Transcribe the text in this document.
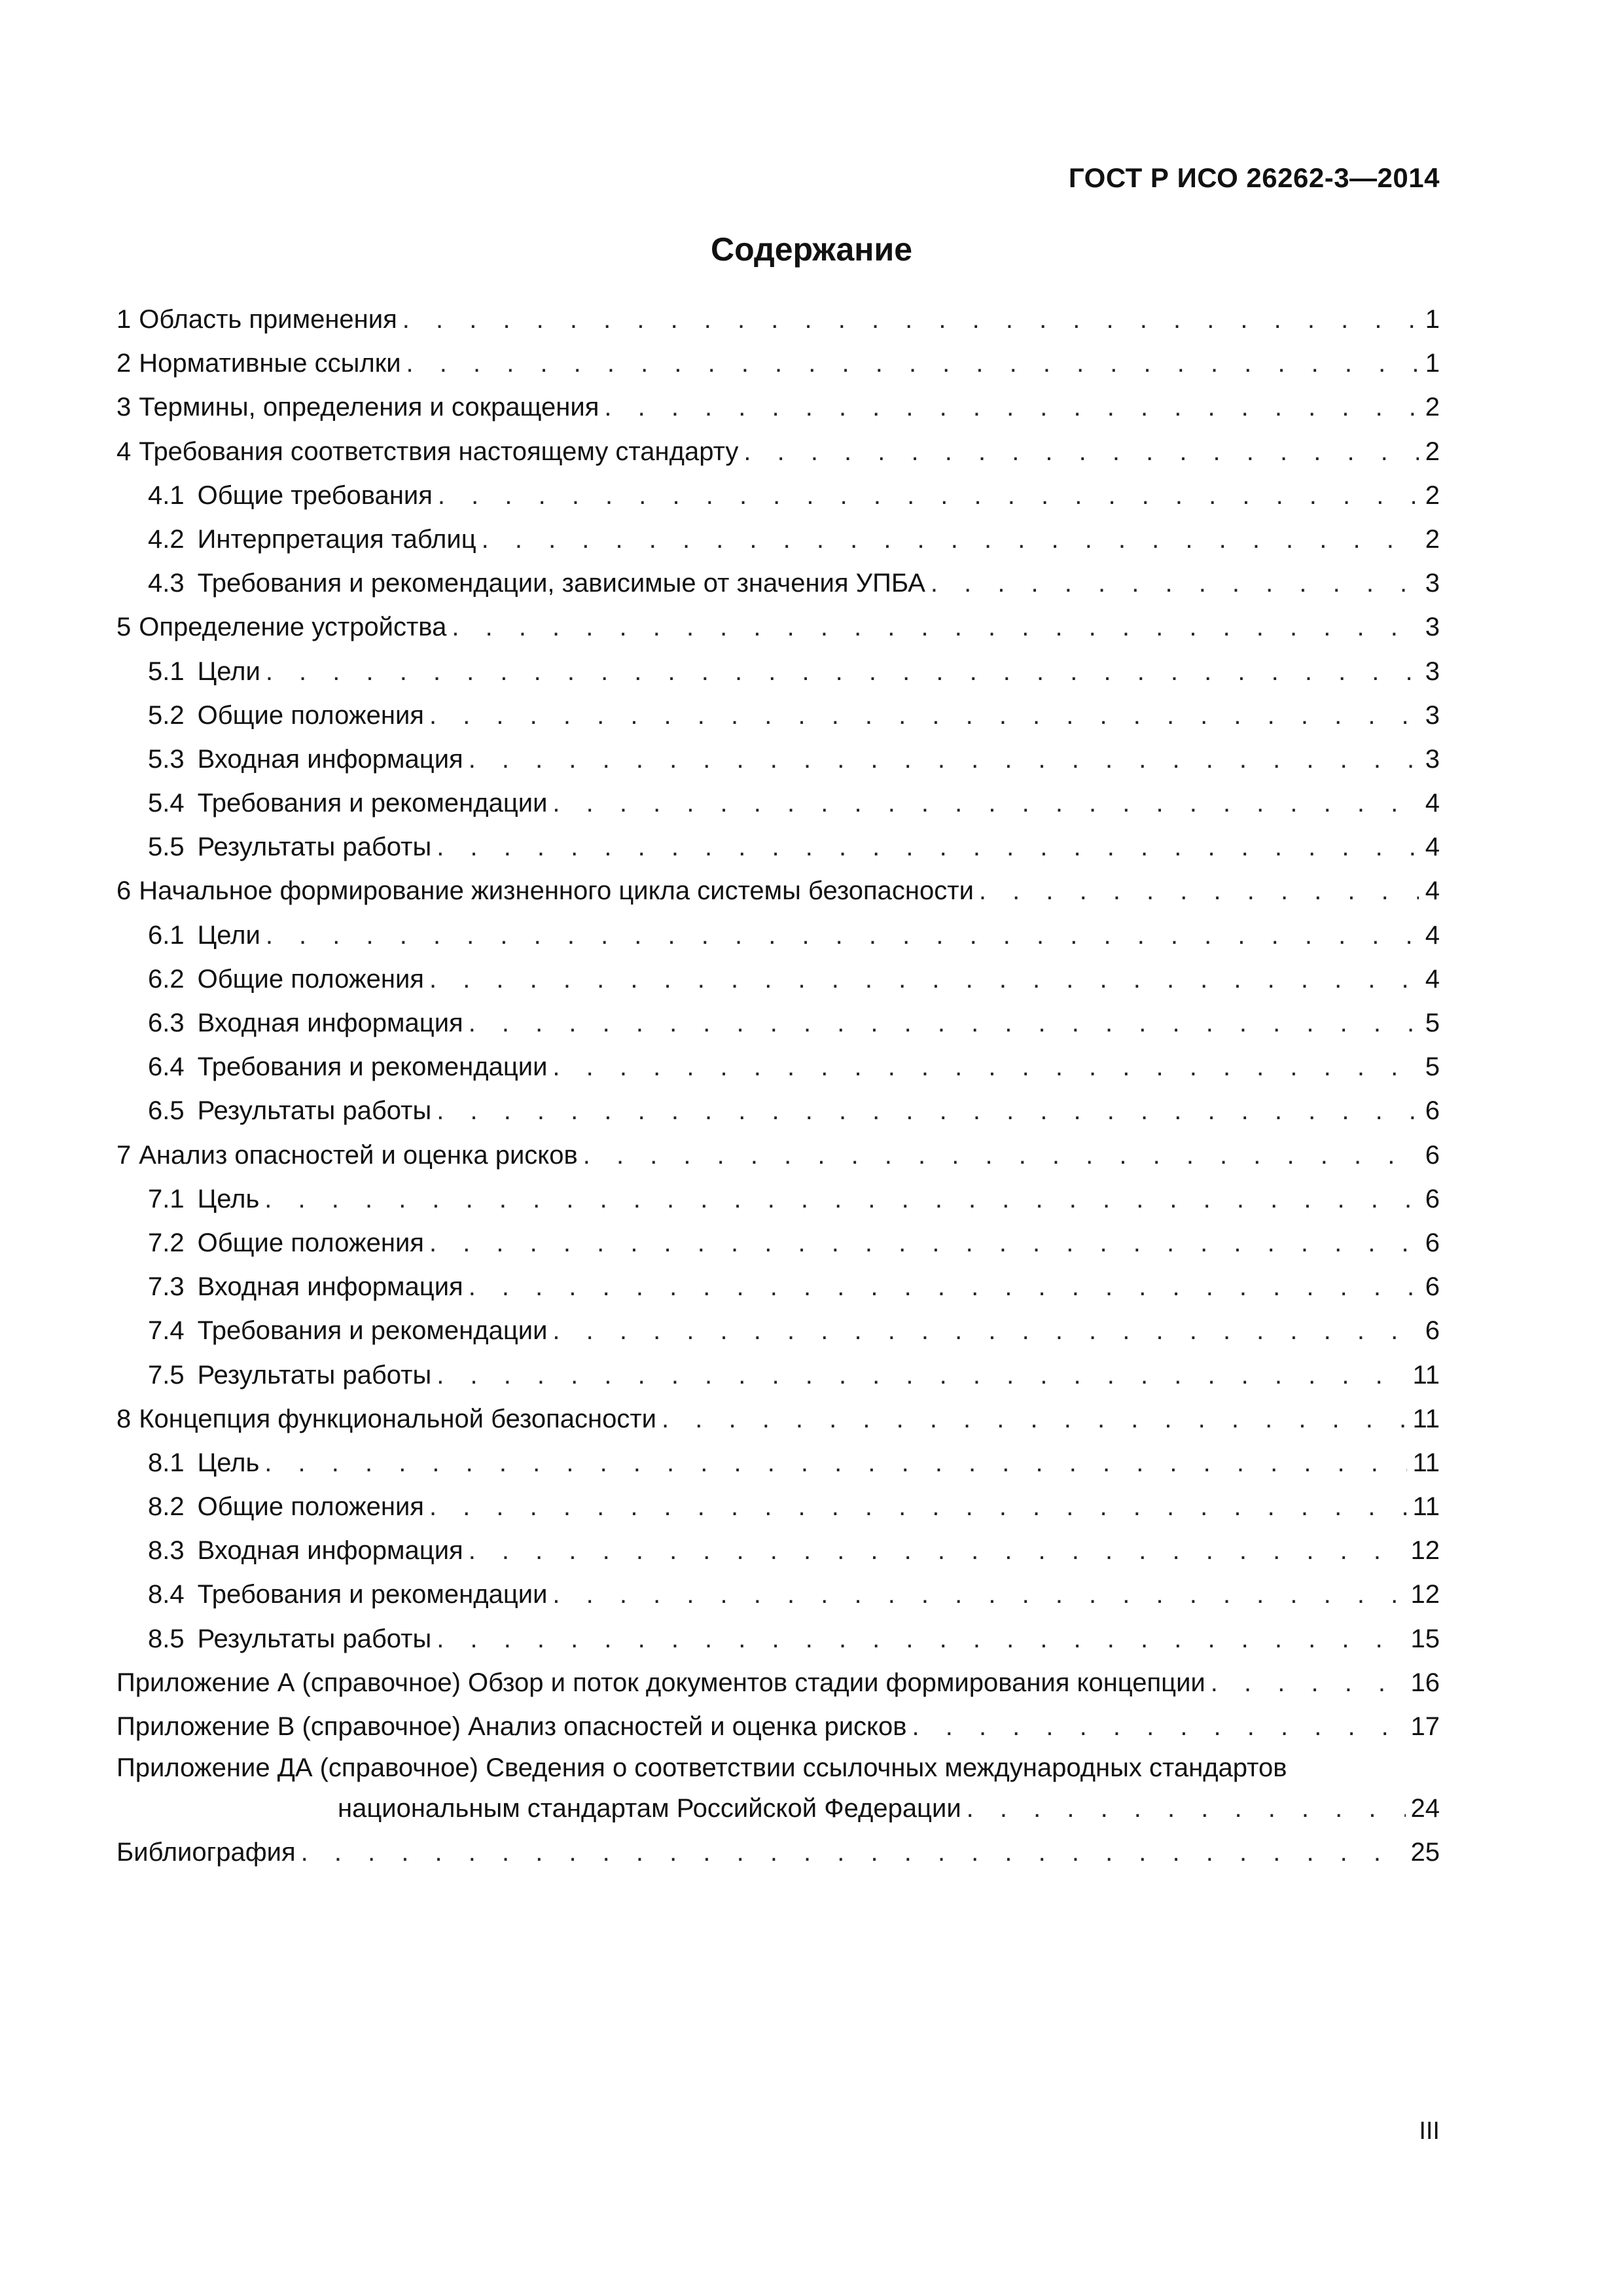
ГОСТ Р ИСО 26262-3—2014
Содержание
1 Область применения . . .	1
2 Нормативные ссылки . . .	1
3 Термины, определения и сокращения . . .	2
4 Требования соответствия настоящему стандарту . . .	2
4.1 Общие требования . . .	2
4.2 Интерпретация таблиц . . .	2
4.3 Требования и рекомендации, зависимые от значения УПБА . . .	3
5 Определение устройства . . .	3
5.1 Цели . . .	3
5.2 Общие положения . . .	3
5.3 Входная информация . . .	3
5.4 Требования и рекомендации . . .	4
5.5 Результаты работы . . .	4
6 Начальное формирование жизненного цикла системы безопасности . . .	4
6.1 Цели . . .	4
6.2 Общие положения . . .	4
6.3 Входная информация . . .	5
6.4 Требования и рекомендации . . .	5
6.5 Результаты работы . . .	6
7 Анализ опасностей и оценка рисков . . .	6
7.1 Цель . . .	6
7.2 Общие положения . . .	6
7.3 Входная информация . . .	6
7.4 Требования и рекомендации . . .	6
7.5 Результаты работы . . .	11
8 Концепция функциональной безопасности . . .	11
8.1 Цель . . .	11
8.2 Общие положения . . .	11
8.3 Входная информация . . .	12
8.4 Требования и рекомендации . . .	12
8.5 Результаты работы . . .	15
Приложение А (справочное) Обзор и поток документов стадии формирования концепции . . .	16
Приложение В (справочное) Анализ опасностей и оценка рисков . . .	17
Приложение ДА (справочное) Сведения о соответствии ссылочных международных стандартов
национальным стандартам Российской Федерации . . .	24
Библиография . . .	25
III
